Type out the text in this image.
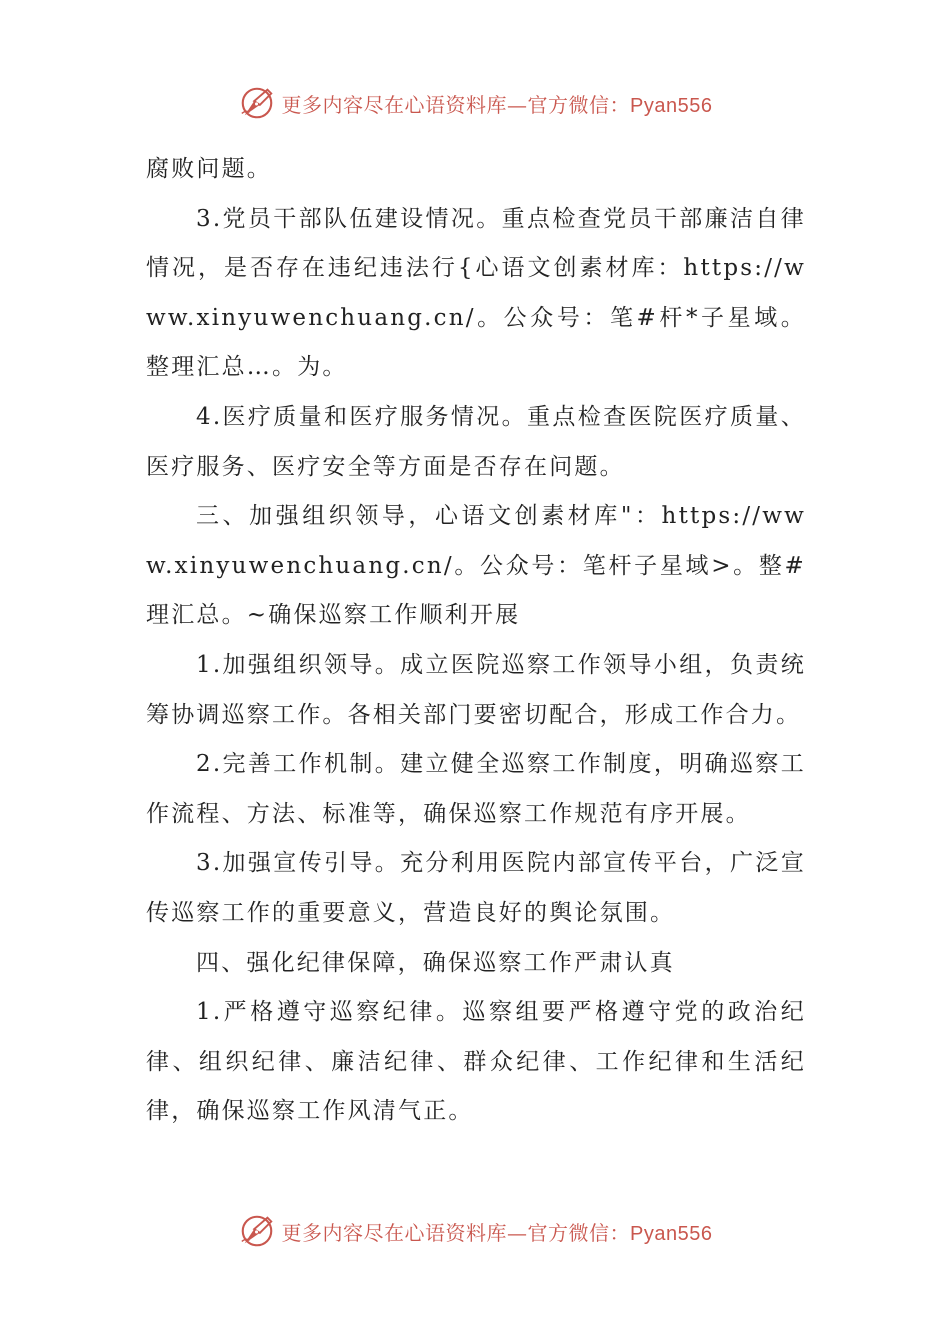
更多内容尽在心语资料库—官方微信：Pyan556

腐败问题。

3.党员干部队伍建设情况。重点检查党员干部廉洁自律情况，是否存在违纪违法行{心语文创素材库：https://www.xinyuwenchuang.cn/。公众号：笔#杆*子星域。整理汇总…。为。

4.医疗质量和医疗服务情况。重点检查医院医疗质量、医疗服务、医疗安全等方面是否存在问题。

三、加强组织领导，心语文创素材库"：https://www.xinyuwenchuang.cn/。公众号：笔杆子星域>。整#理汇总。~确保巡察工作顺利开展

1.加强组织领导。成立医院巡察工作领导小组，负责统筹协调巡察工作。各相关部门要密切配合，形成工作合力。

2.完善工作机制。建立健全巡察工作制度，明确巡察工作流程、方法、标准等，确保巡察工作规范有序开展。

3.加强宣传引导。充分利用医院内部宣传平台，广泛宣传巡察工作的重要意义，营造良好的舆论氛围。

四、强化纪律保障，确保巡察工作严肃认真

1.严格遵守巡察纪律。巡察组要严格遵守党的政治纪律、组织纪律、廉洁纪律、群众纪律、工作纪律和生活纪律，确保巡察工作风清气正。

更多内容尽在心语资料库—官方微信：Pyan556
